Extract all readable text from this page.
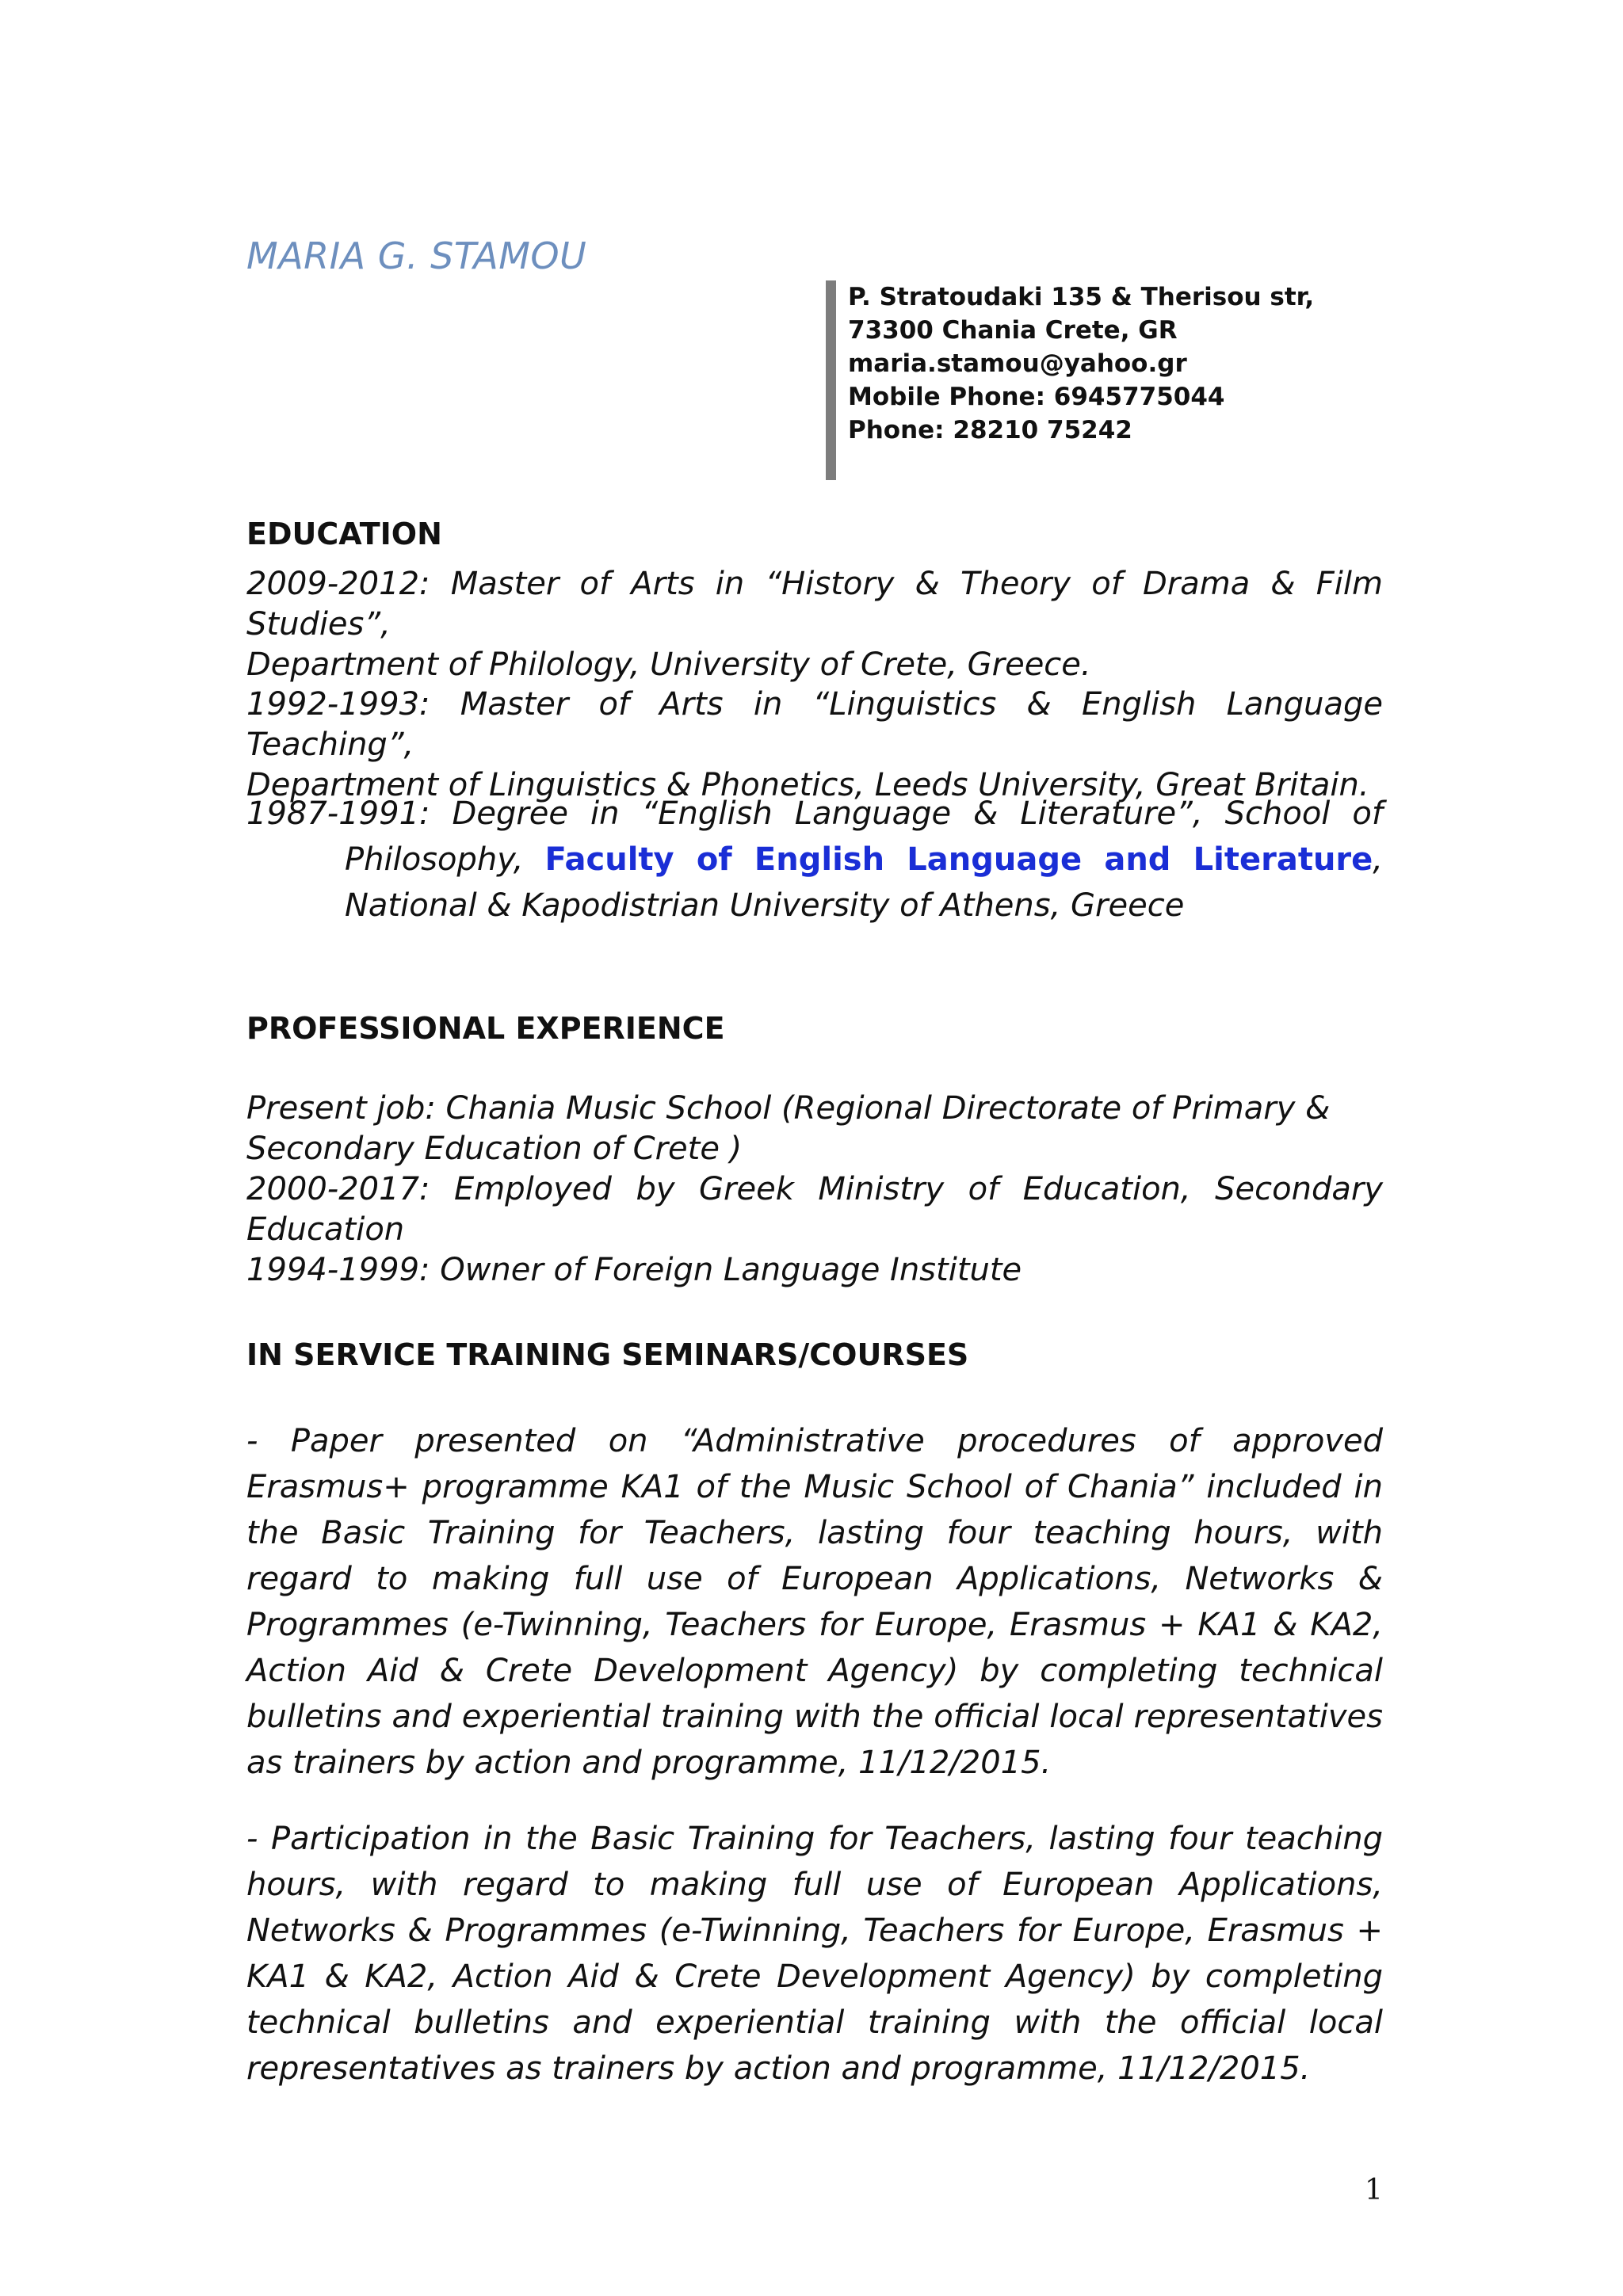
MARIA G. STAMOU
P. Stratoudaki 135 & Therisou str,
73300 Chania Crete, GR
maria.stamou@yahoo.gr
Mobile Phone: 6945775044
Phone: 28210 75242
EDUCATION
2009-2012: Master of Arts in “History & Theory of Drama & Film Studies”,
Department of Philology, University of Crete, Greece.
1992-1993: Master of Arts in “Linguistics & English Language Teaching”,
Department of Linguistics & Phonetics, Leeds University, Great Britain.
1987-1991: Degree in “English Language & Literature”, School of
Philosophy, Faculty of English Language and Literature, National & Kapodistrian University of Athens, Greece
PROFESSIONAL EXPERIENCE
Present job: Chania Music School (Regional Directorate of Primary &
Secondary Education of Crete )
2000-2017: Employed by Greek Ministry of Education, Secondary
Education
1994-1999: Owner of Foreign Language Institute
IN SERVICE TRAINING SEMINARS/COURSES
- Paper presented on “Administrative procedures of approved Erasmus+ programme KA1 of the Music School of Chania” included in the Basic Training for Teachers, lasting four teaching hours, with regard to making full use of European Applications, Networks & Programmes (e-Twinning, Teachers for Europe, Erasmus + KA1 & KA2, Action Aid & Crete Development Agency) by completing technical bulletins and experiential training with the official local representatives as trainers by action and programme, 11/12/2015.
- Participation in the Basic Training for Teachers, lasting four teaching hours, with regard to making full use of European Applications, Networks & Programmes (e-Twinning, Teachers for Europe, Erasmus + KA1 & KA2, Action Aid & Crete Development Agency) by completing technical bulletins and experiential training with the official local representatives as trainers by action and programme, 11/12/2015.
1
